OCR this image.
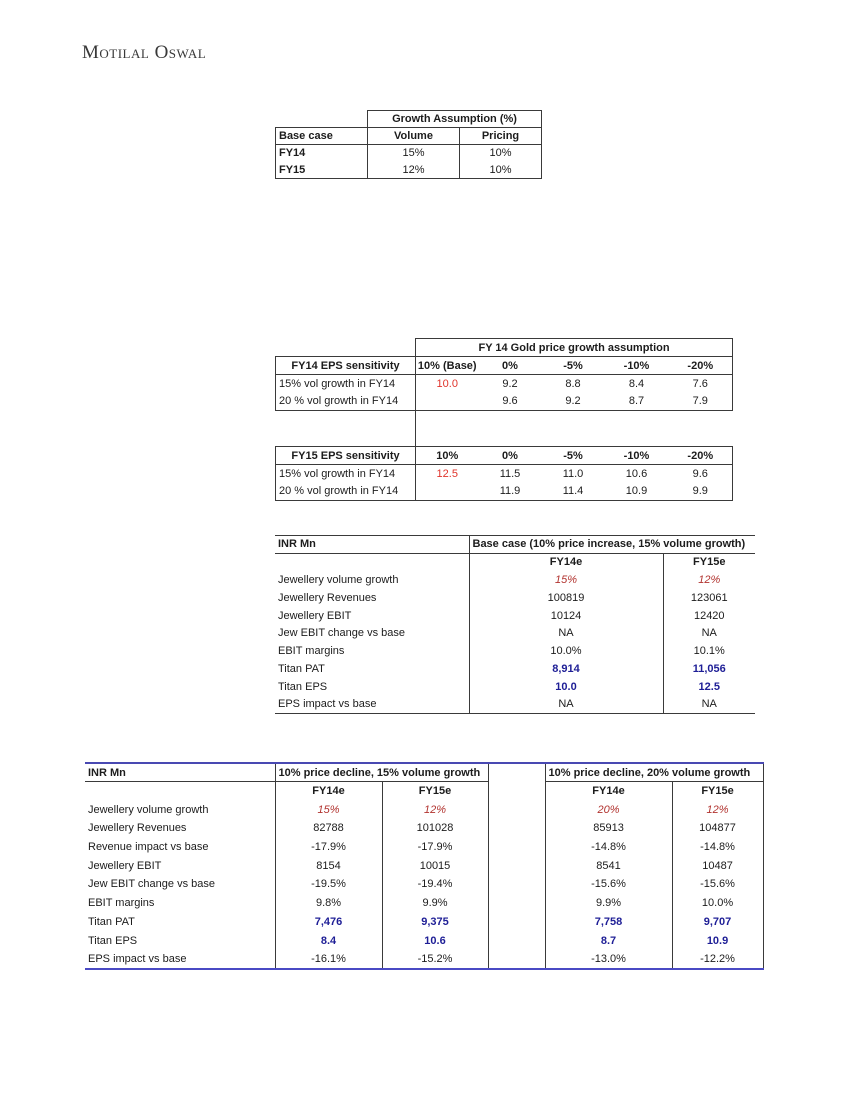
Motilal Oswal
	Growth Assumption (%)	
Base case	Volume	Pricing
FY14	15%	10%
FY15	12%	10%
	FY 14 Gold price growth assumption				
FY14 EPS sensitivity	10% (Base)	0%	-5%	-10%	-20%
15% vol growth in FY14	10.0	9.2	8.8	8.4	7.6
20 % vol growth in FY14		9.6	9.2	8.7	7.9

FY15 EPS sensitivity	10%	0%	-5%	-10%	-20%
15% vol growth in FY14	12.5	11.5	11.0	10.6	9.6
20 % vol growth in FY14		11.9	11.4	10.9	9.9
INR Mn	Base case (10% price increase, 15% volume growth)	
	FY14e	FY15e
Jewellery volume growth	15%	12%
Jewellery Revenues	100819	123061
Jewellery EBIT	10124	12420
Jew EBIT change vs base	NA	NA
EBIT margins	10.0%	10.1%
Titan PAT	8,914	11,056
Titan EPS	10.0	12.5
EPS impact vs base	NA	NA
INR Mn	10% price decline, 15% volume growth			10% price decline, 20% volume growth	
	FY14e	FY15e		FY14e	FY15e
Jewellery volume growth	15%	12%		20%	12%
Jewellery Revenues	82788	101028		85913	104877
Revenue impact vs base	-17.9%	-17.9%		-14.8%	-14.8%
Jewellery EBIT	8154	10015		8541	10487
Jew EBIT change vs base	-19.5%	-19.4%		-15.6%	-15.6%
EBIT margins	9.8%	9.9%		9.9%	10.0%
Titan PAT	7,476	9,375		7,758	9,707
Titan EPS	8.4	10.6		8.7	10.9
EPS impact vs base	-16.1%	-15.2%		-13.0%	-12.2%
